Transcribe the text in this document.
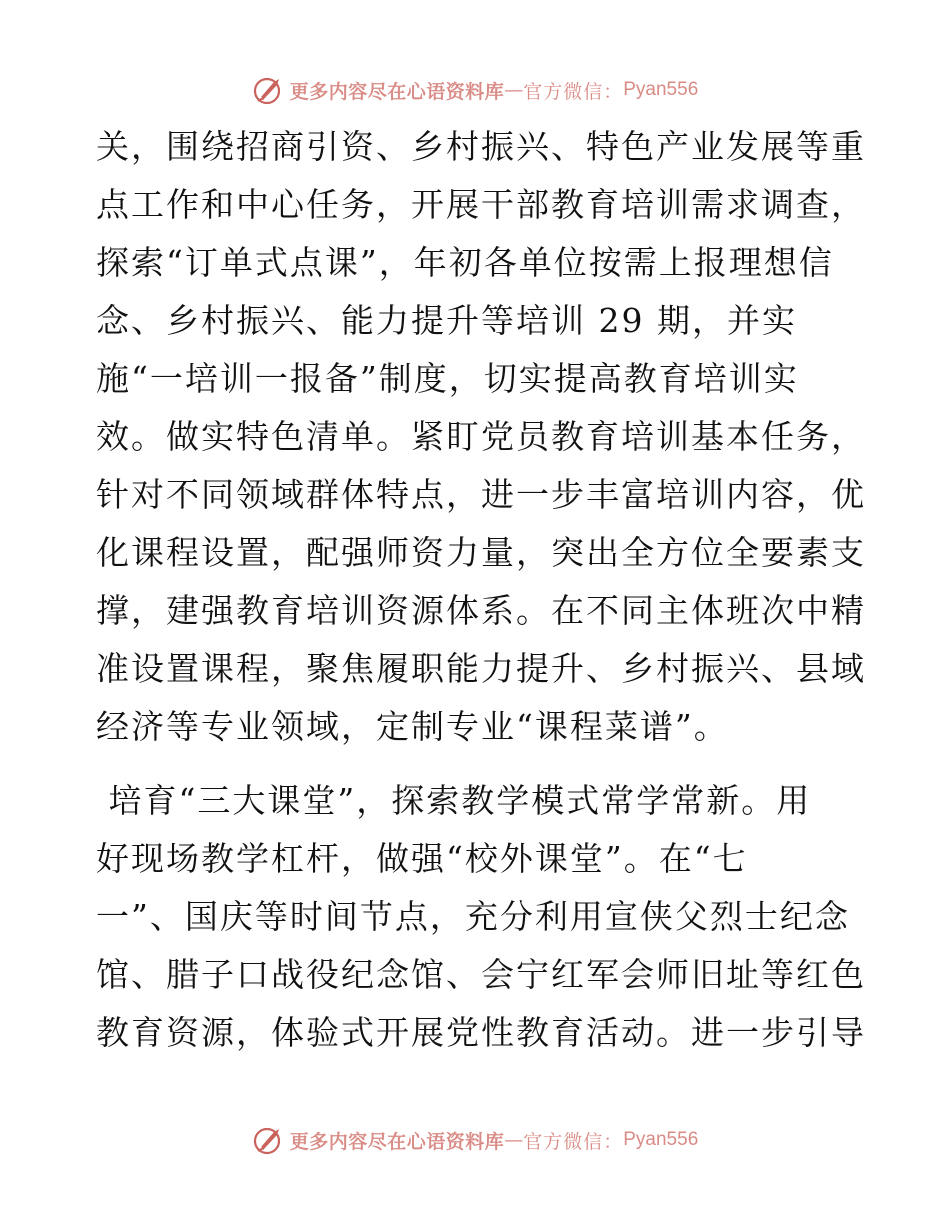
更多内容尽在心语资料库 — 官方微信： Pyan556
关，围绕招商引资、乡村振兴、特色产业发展等重
点工作和中心任务，开展干部教育培训需求调查，
探索“订单式点课”，年初各单位按需上报理想信
念、乡村振兴、能力提升等培训 29 期，并实
施“一培训一报备”制度，切实提高教育培训实
效。做实特色清单。紧盯党员教育培训基本任务，
针对不同领域群体特点，进一步丰富培训内容，优
化课程设置，配强师资力量，突出全方位全要素支
撑，建强教育培训资源体系。在不同主体班次中精
准设置课程，聚焦履职能力提升、乡村振兴、县域
经济等专业领域，定制专业“课程菜谱”。
培育“三大课堂”，探索教学模式常学常新。用
好现场教学杠杆，做强“校外课堂”。在“七
一”、国庆等时间节点，充分利用宣侠父烈士纪念
馆、腊子口战役纪念馆、会宁红军会师旧址等红色
教育资源，体验式开展党性教育活动。进一步引导
更多内容尽在心语资料库 — 官方微信： Pyan556
